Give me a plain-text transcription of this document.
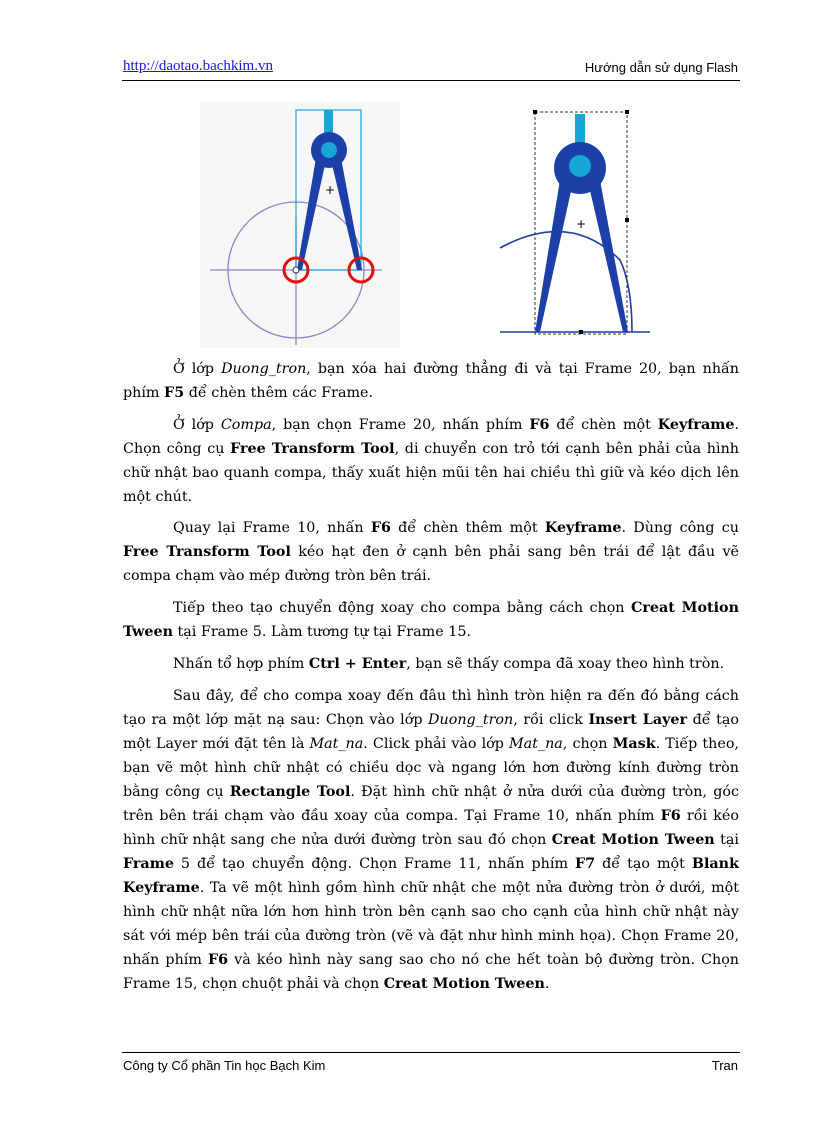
http://daotao.bachkim.vn	Hướng dẫn sử dụng Flash
+
+
Ở lớp Duong_tron, bạn xóa hai đường thẳng đi và tại Frame 20, bạn nhấn phím F5 để chèn thêm các Frame.
Ở lớp Compa, bạn chọn Frame 20, nhấn phím F6 để chèn một Keyframe. Chọn công cụ Free Transform Tool, di chuyển con trỏ tới cạnh bên phải của hình chữ nhật bao quanh compa, thấy xuất hiện mũi tên hai chiều thì giữ và kéo dịch lên một chút.
Quay lại Frame 10, nhấn F6 để chèn thêm một Keyframe. Dùng công cụ Free Transform Tool kéo hạt đen ở cạnh bên phải sang bên trái để lật đầu vẽ compa chạm vào mép đường tròn bên trái.
Tiếp theo tạo chuyển động xoay cho compa bằng cách chọn Creat Motion Tween tại Frame 5. Làm tương tự tại Frame 15.
Nhấn tổ hợp phím Ctrl + Enter, bạn sẽ thấy compa đã xoay theo hình tròn.
Sau đây, để cho compa xoay đến đâu thì hình tròn hiện ra đến đó bằng cách tạo ra một lớp mặt nạ sau: Chọn vào lớp Duong_tron, rồi click Insert Layer để tạo một Layer mới đặt tên là Mat_na. Click phải vào lớp Mat_na, chọn Mask. Tiếp theo, bạn vẽ một hình chữ nhật có chiều dọc và ngang lớn hơn đường kính đường tròn bằng công cụ Rectangle Tool. Đặt hình chữ nhật ở nửa dưới của đường tròn, góc trên bên trái chạm vào đầu xoay của compa. Tại Frame 10, nhấn phím F6 rồi kéo hình chữ nhật sang che nửa dưới đường tròn sau đó chọn Creat Motion Tween tại Frame 5 để tạo chuyển động. Chọn Frame 11, nhấn phím F7 để tạo một Blank Keyframe. Ta vẽ một hình gồm hình chữ nhật che một nửa đường tròn ở dưới, một hình chữ nhật nữa lớn hơn hình tròn bên cạnh sao cho cạnh của hình chữ nhật này sát với mép bên trái của đường tròn (vẽ và đặt như hình minh họa). Chọn Frame 20, nhấn phím F6 và kéo hình này sang sao cho nó che hết toàn bộ đường tròn. Chọn Frame 15, chọn chuột phải và chọn Creat Motion Tween.
Công ty Cổ phần Tin học Bạch Kim	Tran
